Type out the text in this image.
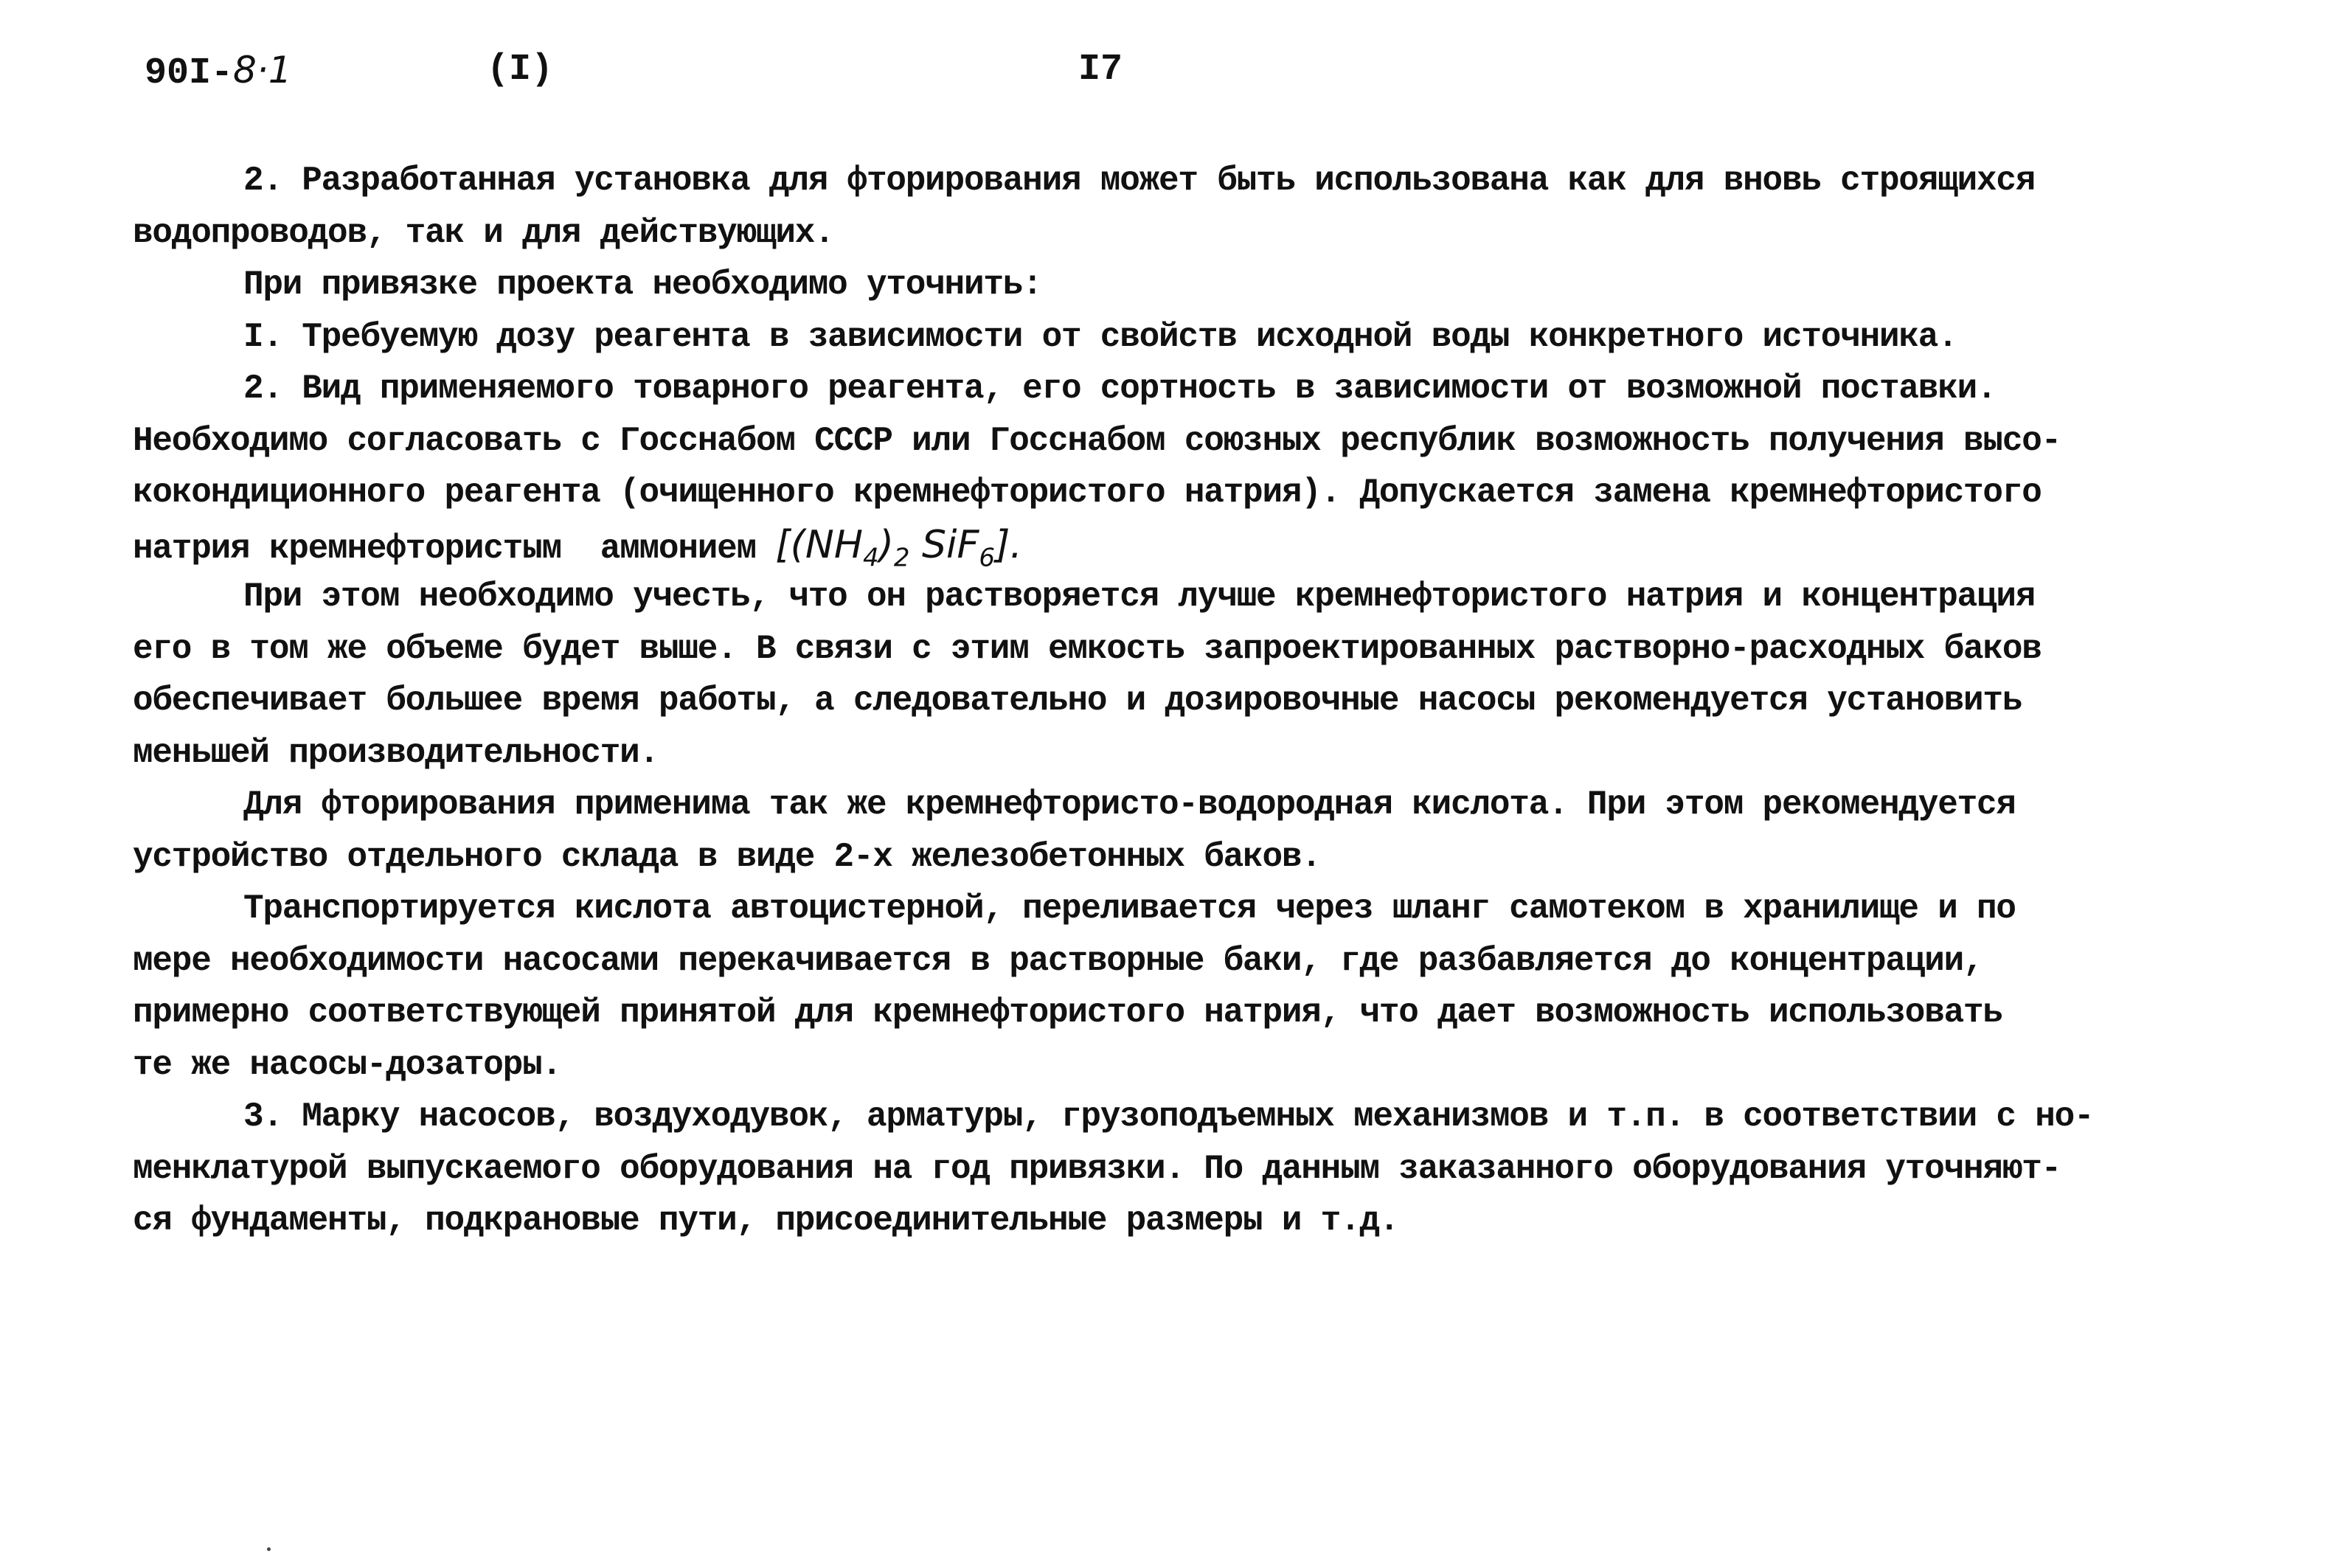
90I-8·1	(I)	I7
2. Разработанная установка для фторирования может быть использована как для вновь строящихся
водопроводов, так и для действующих.
При привязке проекта необходимо уточнить:
I. Требуемую дозу реагента в зависимости от свойств исходной воды конкретного источника.
2. Вид применяемого товарного реагента, его сортность в зависимости от возможной поставки.
Необходимо согласовать с Госснабом СССР или Госснабом союзных республик возможность получения высо-
кокондиционного реагента (очищенного кремнефтористого натрия). Допускается замена кремнефтористого
натрия кремнефтористым  аммонием [$(NH_4)_2$ SiF$_6$].
При этом необходимо учесть, что он растворяется лучше кремнефтористого натрия и концентрация
его в том же объеме будет выше. В связи с этим емкость запроектированных растворно-расходных баков
обеспечивает большее время работы, а следовательно и дозировочные насосы рекомендуется установить
меньшей производительности.
Для фторирования применима так же кремнефтористо-водородная кислота. При этом рекомендуется
устройство отдельного склада в виде 2-х железобетонных баков.
Транспортируется кислота автоцистерной, переливается через шланг самотеком в хранилище и по
мере необходимости насосами перекачивается в растворные баки, где разбавляется до концентрации,
примерно соответствующей принятой для кремнефтористого натрия, что дает возможность использовать
те же насосы-дозаторы.
3. Марку насосов, воздуходувок, арматуры, грузоподъемных механизмов и т.п. в соответствии с но-
менклатурой выпускаемого оборудования на год привязки. По данным заказанного оборудования уточняют-
ся фундаменты, подкрановые пути, присоединительные размеры и т.д.
